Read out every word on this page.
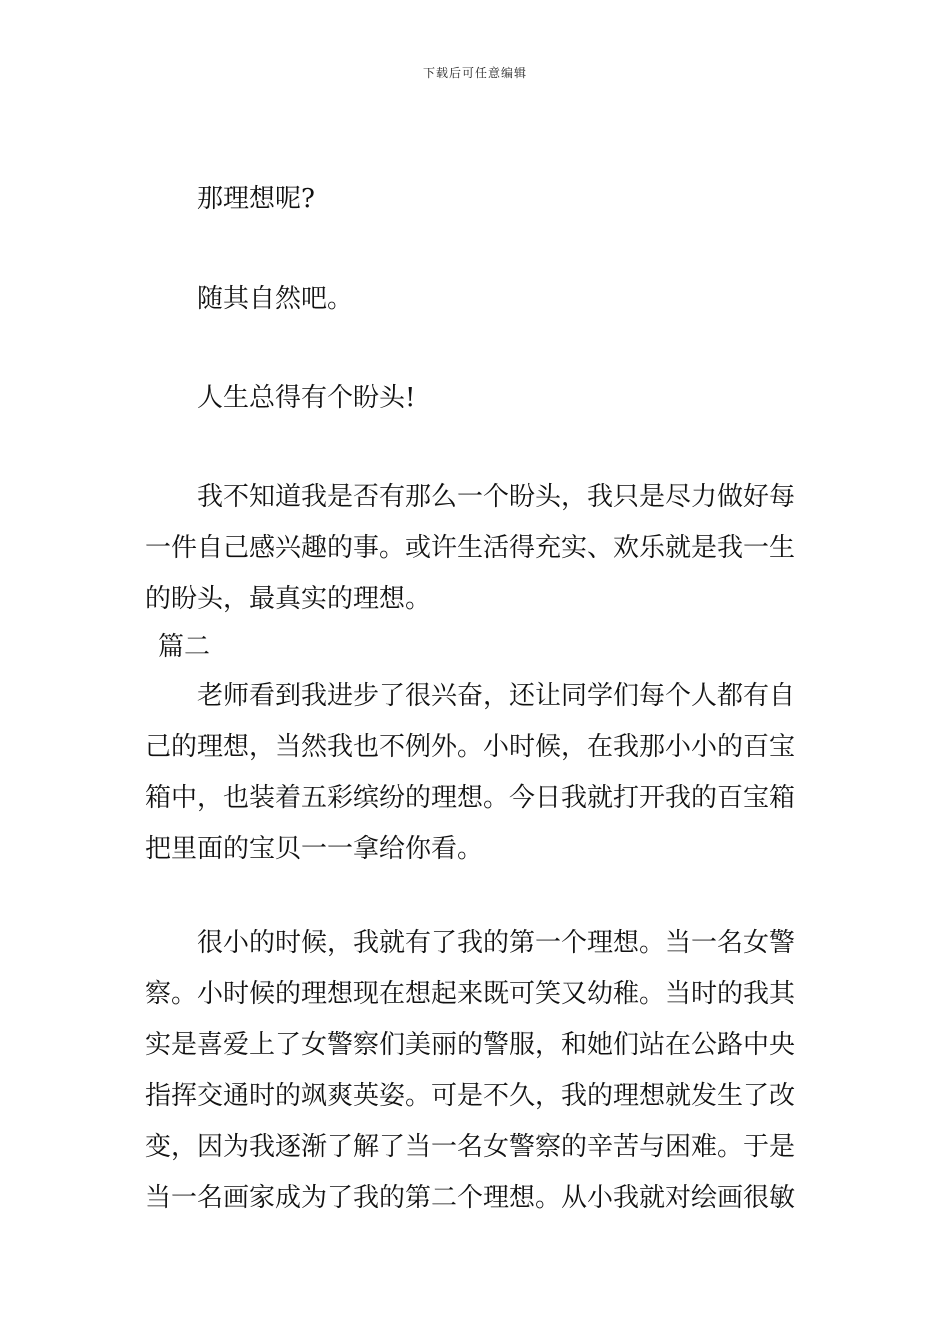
下载后可任意编辑
那理想呢?
随其自然吧。
人生总得有个盼头!
我不知道我是否有那么一个盼头，我只是尽力做好每
一件自己感兴趣的事。或许生活得充实、欢乐就是我一生
的盼头，最真实的理想。
篇二
老师看到我进步了很兴奋，还让同学们每个人都有自
己的理想，当然我也不例外。小时候，在我那小小的百宝
箱中，也装着五彩缤纷的理想。今日我就打开我的百宝箱
把里面的宝贝一一拿给你看。
很小的时候，我就有了我的第一个理想。当一名女警
察。小时候的理想现在想起来既可笑又幼稚。当时的我其
实是喜爱上了女警察们美丽的警服，和她们站在公路中央
指挥交通时的飒爽英姿。可是不久，我的理想就发生了改
变，因为我逐渐了解了当一名女警察的辛苦与困难。于是
当一名画家成为了我的第二个理想。从小我就对绘画很敏
